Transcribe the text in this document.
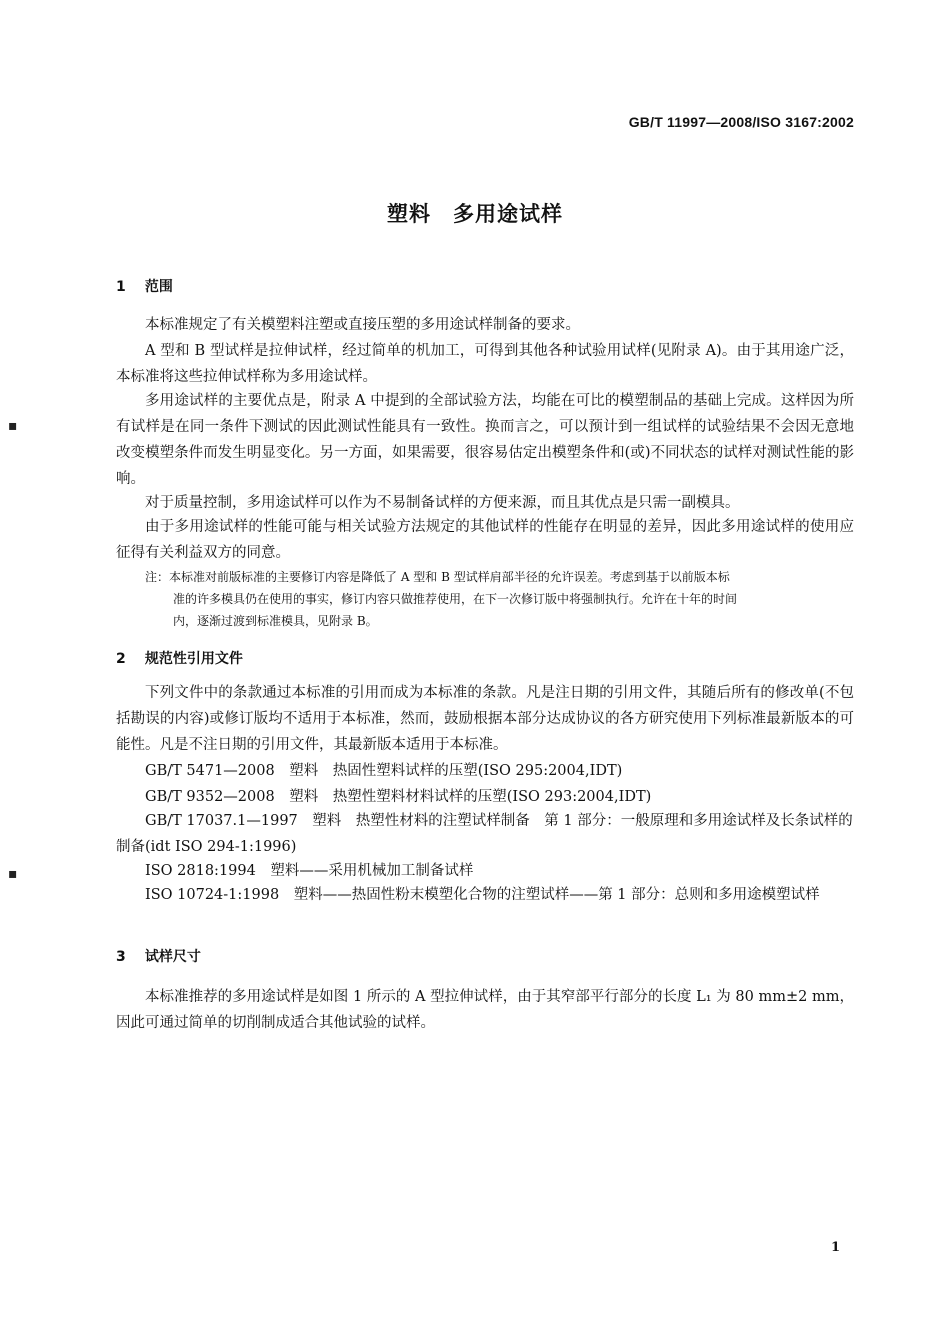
GB/T 11997—2008/ISO 3167:2002
塑料　多用途试样
1 范围

本标准规定了有关模塑料注塑或直接压塑的多用途试样制备的要求。

A 型和 B 型试样是拉伸试样，经过简单的机加工，可得到其他各种试验用试样(见附录 A)。由于其用途广泛，本标准将这些拉伸试样称为多用途试样。

多用途试样的主要优点是，附录 A 中提到的全部试验方法，均能在可比的模塑制品的基础上完成。这样因为所有试样是在同一条件下测试的因此测试性能具有一致性。换而言之，可以预计到一组试样的试验结果不会因无意地改变模塑条件而发生明显变化。另一方面，如果需要，很容易估定出模塑条件和(或)不同状态的试样对测试性能的影响。

对于质量控制，多用途试样可以作为不易制备试样的方便来源，而且其优点是只需一副模具。

由于多用途试样的性能可能与相关试验方法规定的其他试样的性能存在明显的差异，因此多用途试样的使用应征得有关利益双方的同意。

注：本标准对前版标准的主要修订内容是降低了 A 型和 B 型试样肩部半径的允许误差。考虑到基于以前版本标
准的许多模具仍在使用的事实，修订内容只做推荐使用，在下一次修订版中将强制执行。允许在十年的时间
内，逐渐过渡到标准模具，见附录 B。
2 规范性引用文件

下列文件中的条款通过本标准的引用而成为本标准的条款。凡是注日期的引用文件，其随后所有的修改单(不包括勘误的内容)或修订版均不适用于本标准，然而，鼓励根据本部分达成协议的各方研究使用下列标准最新版本的可能性。凡是不注日期的引用文件，其最新版本适用于本标准。

GB/T 5471—2008　塑料　热固性塑料试样的压塑(ISO 295:2004,IDT)

GB/T 9352—2008　塑料　热塑性塑料材料试样的压塑(ISO 293:2004,IDT)

GB/T 17037.1—1997　塑料　热塑性材料的注塑试样制备　第 1 部分：一般原理和多用途试样及长条试样的制备(idt ISO 294-1:1996)

ISO 2818:1994　塑料——采用机械加工制备试样

ISO 10724-1:1998　塑料——热固性粉末模塑化合物的注塑试样——第 1 部分：总则和多用途模塑试样

3 试样尺寸

本标准推荐的多用途试样是如图 1 所示的 A 型拉伸试样，由于其窄部平行部分的长度 L₁ 为 80 mm±2 mm，因此可通过简单的切削制成适合其他试验的试样。

1
▪
▪
